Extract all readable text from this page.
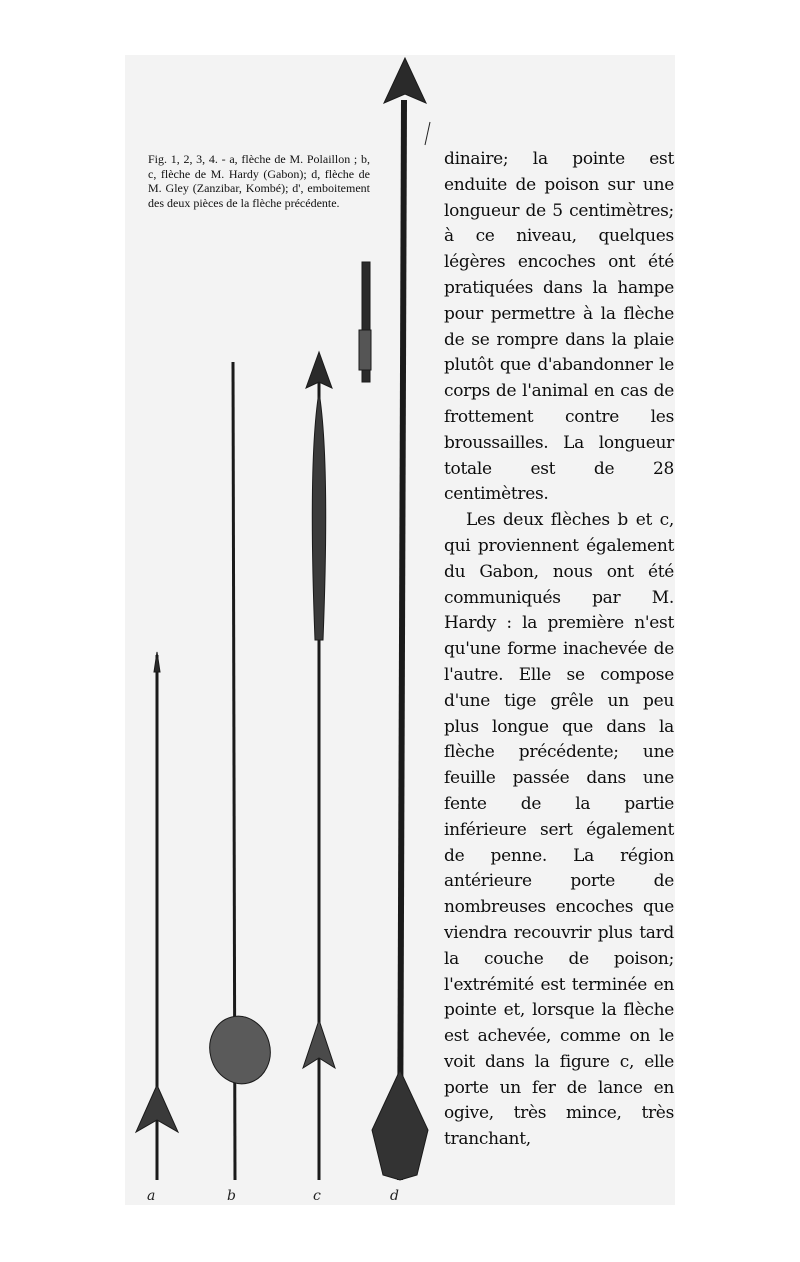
Fig. 1, 2, 3, 4. - a, flèche de M. Polaillon ; b, c, flèche de M. Hardy (Gabon); d, flèche de M. Gley (Zanzibar, Kombé); d', emboitement des deux pièces de la flèche précédente.

dinaire; la pointe est enduite de poison sur une longueur de 5 centimètres; à ce niveau, quelques légères encoches ont été pratiquées dans la hampe pour permettre à la flèche de se rompre dans la plaie plutôt que d'abandonner le corps de l'animal en cas de frottement contre les broussailles. La longueur totale est de 28 centimètres.

Les deux flèches b et c, qui proviennent également du Gabon, nous ont été communiqués par M. Hardy : la première n'est qu'une forme inachevée de l'autre. Elle se compose d'une tige grêle un peu plus longue que dans la flèche précédente; une feuille passée dans une fente de la partie inférieure sert également de penne. La région antérieure porte de nombreuses encoches que viendra recouvrir plus tard la couche de poison; l'extrémité est terminée en pointe et, lorsque la flèche est achevée, comme on le voit dans la figure c, elle porte un fer de lance en ogive, très mince, très tranchant,

a	b	c	d
